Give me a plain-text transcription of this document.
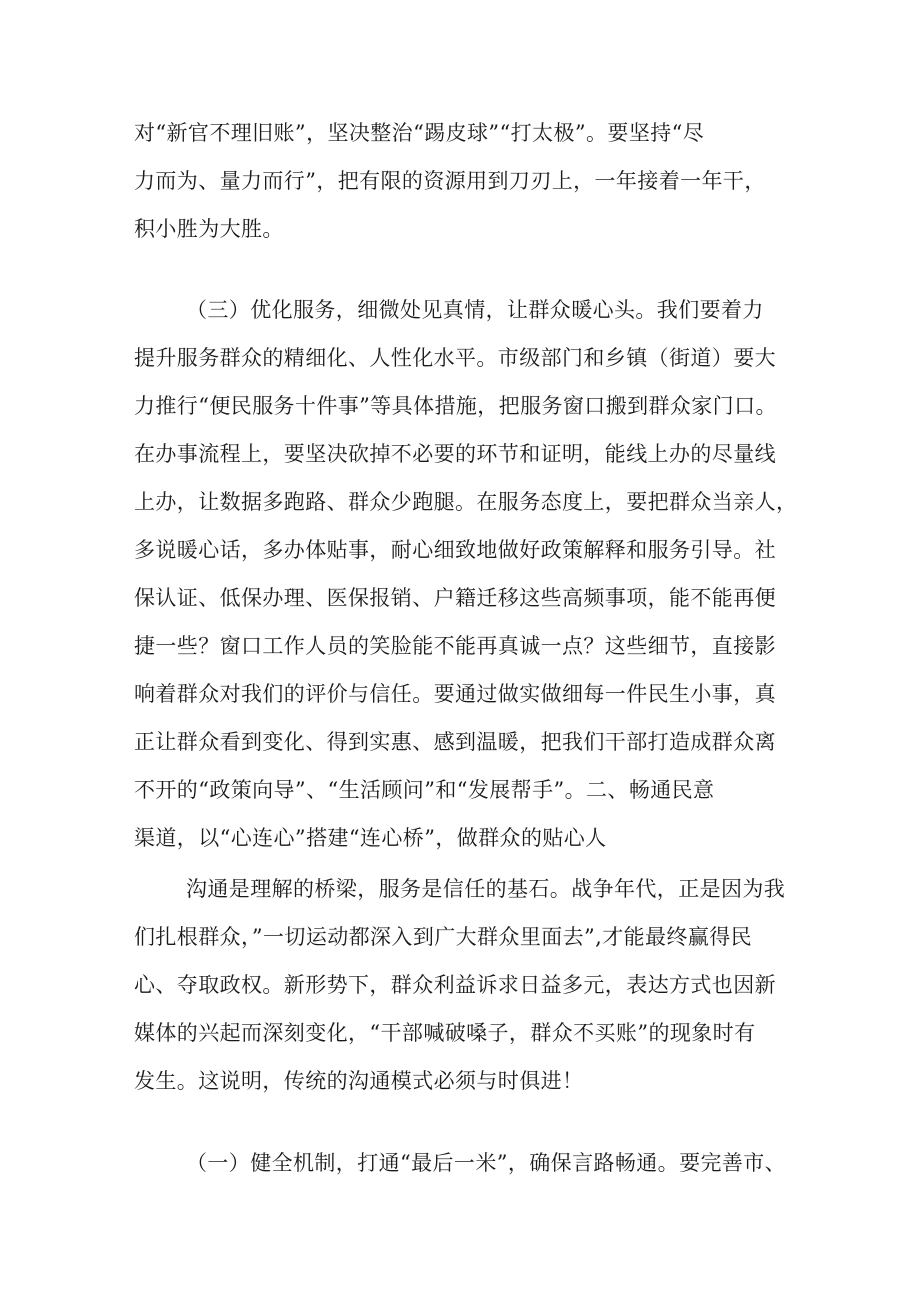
对“新官不理旧账”，坚决整治“踢皮球”“打太极”。要坚持“尽
力而为、量力而行”，把有限的资源用到刀刃上，一年接着一年干，
积小胜为大胜。
（三）优化服务，细微处见真情，让群众暖心头。我们要着力
提升服务群众的精细化、人性化水平。市级部门和乡镇（街道）要大
力推行“便民服务十件事”等具体措施，把服务窗口搬到群众家门口。
在办事流程上，要坚决砍掉不必要的环节和证明，能线上办的尽量线
上办，让数据多跑路、群众少跑腿。在服务态度上，要把群众当亲人，
多说暖心话，多办体贴事，耐心细致地做好政策解释和服务引导。社
保认证、低保办理、医保报销、户籍迁移这些高频事项，能不能再便
捷一些？窗口工作人员的笑脸能不能再真诚一点？这些细节，直接影
响着群众对我们的评价与信任。要通过做实做细每一件民生小事，真
正让群众看到变化、得到实惠、感到温暖，把我们干部打造成群众离
不开的“政策向导”、“生活顾问”和“发展帮手”。二、畅通民意
渠道，以“心连心”搭建“连心桥”，做群众的贴心人
沟通是理解的桥梁，服务是信任的基石。战争年代，正是因为我
们扎根群众，”一切运动都深入到广大群众里面去”,才能最终赢得民
心、夺取政权。新形势下，群众利益诉求日益多元，表达方式也因新
媒体的兴起而深刻变化，“干部喊破嗓子，群众不买账”的现象时有
发生。这说明，传统的沟通模式必须与时俱进！
（一）健全机制，打通“最后一米”，确保言路畅通。要完善市、
